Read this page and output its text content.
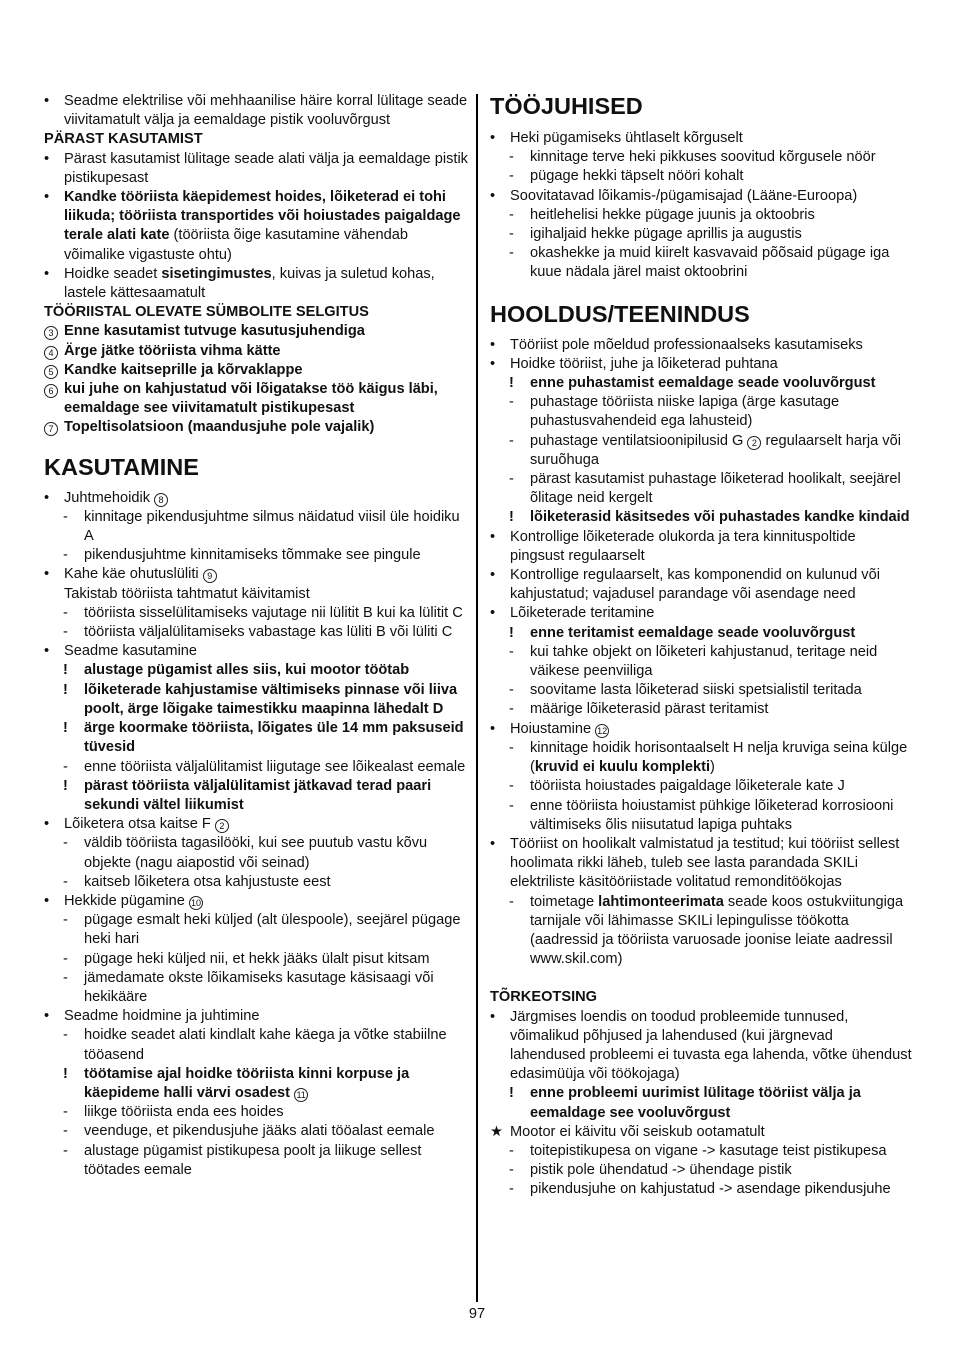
• Seadme elektrilise või mehhaanilise häire korral lülitage seade viivitamatult välja ja eemaldage pistik vooluvõrgust
PÄRAST KASUTAMIST
• Pärast kasutamist lülitage seade alati välja ja eemaldage pistik pistikupesast
• Kandke tööriista käepidemest hoides, lõiketerad ei tohi liikuda; tööriista transportides või hoiustades paigaldage terale alati kate (tööriista õige kasutamine vähendab võimalike vigastuste ohtu)
• Hoidke seadet sisetingimustes, kuivas ja suletud kohas, lastele kättesaamatult
TÖÖRIISTAL OLEVATE SÜMBOLITE SELGITUS
3 Enne kasutamist tutvuge kasutusjuhendiga
4 Ärge jätke tööriista vihma kätte
5 Kandke kaitseprille ja kõrvaklappe
6 kui juhe on kahjustatud või lõigatakse töö käigus läbi, eemaldage see viivitamatult pistikupesast
7 Topeltisolatsioon (maandusjuhe pole vajalik)
KASUTAMINE
• Juhtmehoidik 8
- kinnitage pikendusjuhtme silmus näidatud viisil üle hoidiku A
- pikendusjuhtme kinnitamiseks tõmmake see pingule
• Kahe käe ohutuslüliti 9
Takistab tööriista tahtmatut käivitamist
- tööriista sisselülitamiseks vajutage nii lülitit B kui ka lülitit C
- tööriista väljalülitamiseks vabastage kas lüliti B või lüliti C
• Seadme kasutamine
! alustage pügamist alles siis, kui mootor töötab
! lõiketerade kahjustamise vältimiseks pinnase või liiva poolt, ärge lõigake taimestikku maapinna lähedalt D
! ärge koormake tööriista, lõigates üle 14 mm paksuseid tüvesid
- enne tööriista väljalülitamist liigutage see lõikealast eemale
! pärast tööriista väljalülitamist jätkavad terad paari sekundi vältel liikumist
• Lõiketera otsa kaitse F 2
- väldib tööriista tagasilööki, kui see puutub vastu kõvu objekte (nagu aiapostid või seinad)
- kaitseb lõiketera otsa kahjustuste eest
• Hekkide pügamine 10
- pügage esmalt heki küljed (alt ülespoole), seejärel pügage heki hari
- pügage heki küljed nii, et hekk jääks ülalt pisut kitsam
- jämedamate okste lõikamiseks kasutage käsisaagi või hekikääre
• Seadme hoidmine ja juhtimine
- hoidke seadet alati kindlalt kahe käega ja võtke stabiilne tööasend
! töötamise ajal hoidke tööriista kinni korpuse ja käepideme halli värvi osadest 11
- liikge tööriista enda ees hoides
- veenduge, et pikendusjuhe jääks alati tööalast eemale
- alustage pügamist pistikupesa poolt ja liikuge sellest töötades eemale
TÖÖJUHISED
• Heki pügamiseks ühtlaselt kõrguselt
- kinnitage terve heki pikkuses soovitud kõrgusele nöör
- pügage hekki täpselt nööri kohalt
• Soovitatavad lõikamis-/pügamisajad (Lääne-Euroopa)
- heitlehelisi hekke pügage juunis ja oktoobris
- igihaljaid hekke pügage aprillis ja augustis
- okashekke ja muid kiirelt kasvavaid põõsaid pügage iga kuue nädala järel maist oktoobrini
HOOLDUS/TEENINDUS
• Tööriist pole mõeldud professionaalseks kasutamiseks
• Hoidke tööriist, juhe ja lõiketerad puhtana
! enne puhastamist eemaldage seade vooluvõrgust
- puhastage tööriista niiske lapiga (ärge kasutage puhastusvahendeid ega lahusteid)
- puhastage ventilatsioonipilusid G 2 regulaarselt harja või suruõhuga
- pärast kasutamist puhastage lõiketerad hoolikalt, seejärel õlitage neid kergelt
! lõiketerasid käsitsedes või puhastades kandke kindaid
• Kontrollige lõiketerade olukorda ja tera kinnituspoltide pingsust regulaarselt
• Kontrollige regulaarselt, kas komponendid on kulunud või kahjustatud; vajadusel parandage või asendage need
• Lõiketerade teritamine
! enne teritamist eemaldage seade vooluvõrgust
- kui tahke objekt on lõiketeri kahjustanud, teritage neid väikese peenviiliga
- soovitame lasta lõiketerad siiski spetsialistil teritada
- määrige lõiketerasid pärast teritamist
• Hoiustamine 12
- kinnitage hoidik horisontaalselt H nelja kruviga seina külge (kruvid ei kuulu komplekti)
- tööriista hoiustades paigaldage lõiketerale kate J
- enne tööriista hoiustamist pühkige lõiketerad korrosiooni vältimiseks õlis niisutatud lapiga puhtaks
• Tööriist on hoolikalt valmistatud ja testitud; kui tööriist sellest hoolimata rikki läheb, tuleb see lasta parandada SKILi elektriliste käsitööriistade volitatud remonditöökojas
- toimetage lahtimonteerimata seade koos ostukviitungiga tarnijale või lähimasse SKILi lepingulisse töökotta (aadressid ja tööriista varuosade joonise leiate aadressil www.skil.com)
TÕRKEOTSING
• Järgmises loendis on toodud probleemide tunnused, võimalikud põhjused ja lahendused (kui järgnevad lahendused probleemi ei tuvasta ega lahenda, võtke ühendust edasimüüja või töökojaga)
! enne probleemi uurimist lülitage tööriist välja ja eemaldage see vooluvõrgust
★ Mootor ei käivitu või seiskub ootamatult
- toitepistikupesa on vigane -> kasutage teist pistikupesa
- pistik pole ühendatud -> ühendage pistik
- pikendusjuhe on kahjustatud -> asendage pikendusjuhe
97
